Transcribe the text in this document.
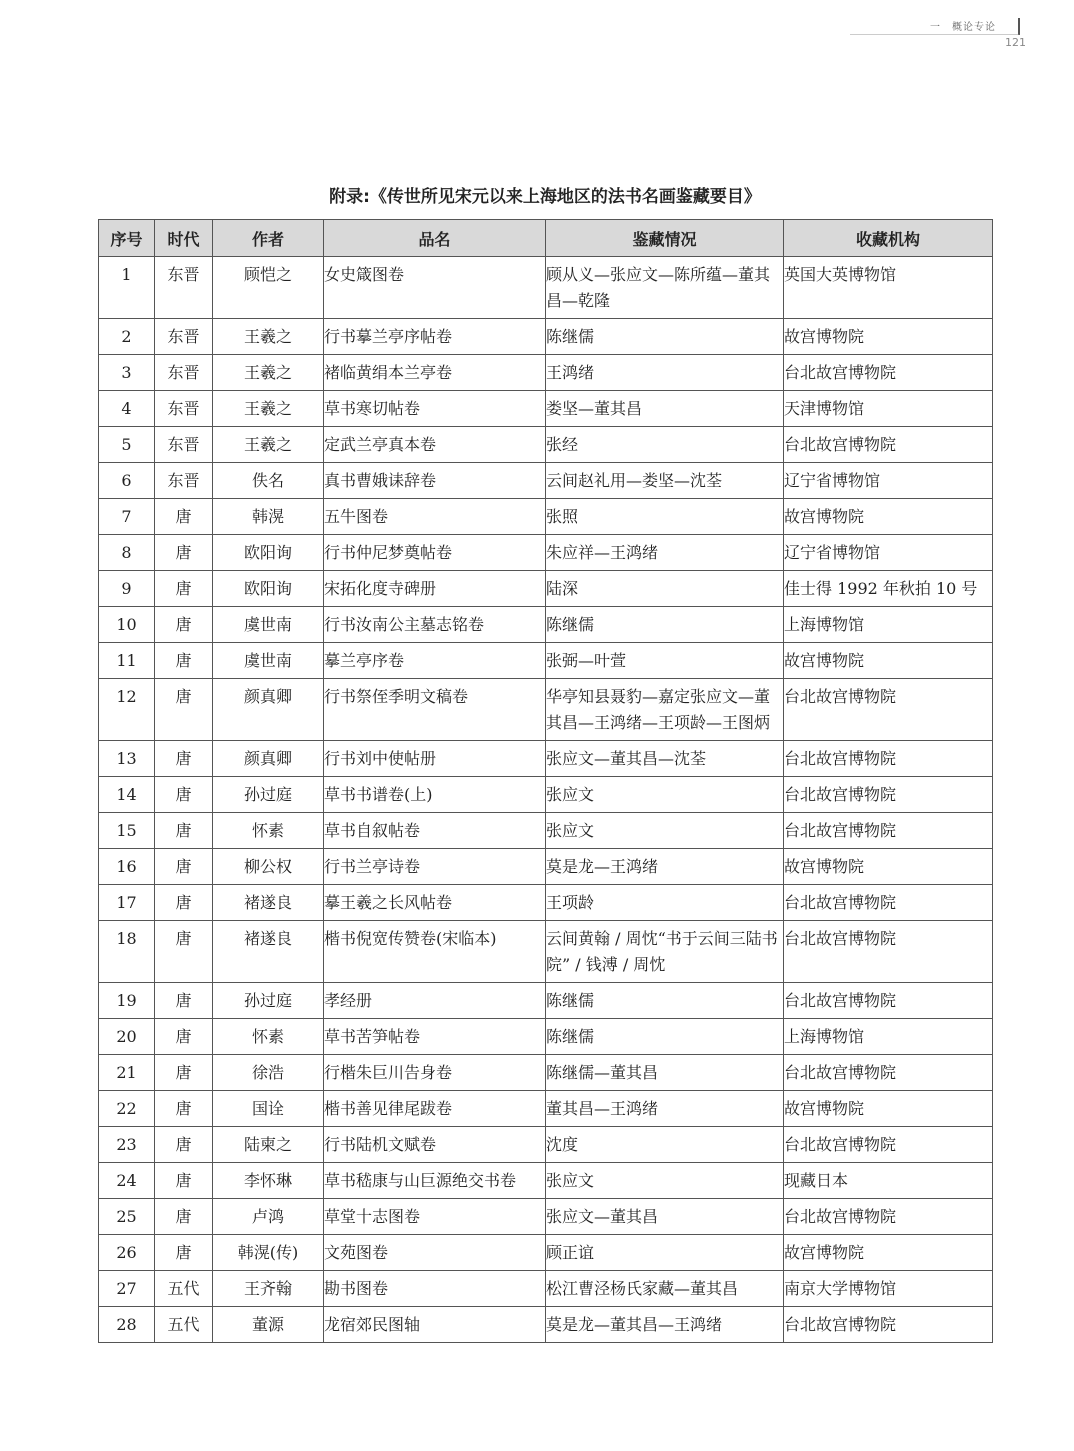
一　概论专论
121
附录:《传世所见宋元以来上海地区的法书名画鉴藏要目》
序号	时代	作者	品名	鉴藏情况	收藏机构
1	东晋	顾恺之	女史箴图卷	顾从义—张应文—陈所蕴—董其昌—乾隆	英国大英博物馆
2	东晋	王羲之	行书摹兰亭序帖卷	陈继儒	故宫博物院
3	东晋	王羲之	褚临黄绢本兰亭卷	王鸿绪	台北故宫博物院
4	东晋	王羲之	草书寒切帖卷	娄坚—董其昌	天津博物馆
5	东晋	王羲之	定武兰亭真本卷	张经	台北故宫博物院
6	东晋	佚名	真书曹娥诔辞卷	云间赵礼用—娄坚—沈荃	辽宁省博物馆
7	唐	韩滉	五牛图卷	张照	故宫博物院
8	唐	欧阳询	行书仲尼梦奠帖卷	朱应祥—王鸿绪	辽宁省博物馆
9	唐	欧阳询	宋拓化度寺碑册	陆深	佳士得 1992 年秋拍 10 号
10	唐	虞世南	行书汝南公主墓志铭卷	陈继儒	上海博物馆
11	唐	虞世南	摹兰亭序卷	张弼—叶萱	故宫博物院
12	唐	颜真卿	行书祭侄季明文稿卷	华亭知县聂豹—嘉定张应文—董其昌—王鸿绪—王项龄—王图炳	台北故宫博物院
13	唐	颜真卿	行书刘中使帖册	张应文—董其昌—沈荃	台北故宫博物院
14	唐	孙过庭	草书书谱卷(上)	张应文	台北故宫博物院
15	唐	怀素	草书自叙帖卷	张应文	台北故宫博物院
16	唐	柳公权	行书兰亭诗卷	莫是龙—王鸿绪	故宫博物院
17	唐	褚遂良	摹王羲之长风帖卷	王项龄	台北故宫博物院
18	唐	褚遂良	楷书倪宽传赞卷(宋临本)	云间黄翰 / 周忱“书于云间三陆书院” / 钱溥 / 周忱	台北故宫博物院
19	唐	孙过庭	孝经册	陈继儒	台北故宫博物院
20	唐	怀素	草书苦笋帖卷	陈继儒	上海博物馆
21	唐	徐浩	行楷朱巨川告身卷	陈继儒—董其昌	台北故宫博物院
22	唐	国诠	楷书善见律尾跋卷	董其昌—王鸿绪	故宫博物院
23	唐	陆柬之	行书陆机文赋卷	沈度	台北故宫博物院
24	唐	李怀琳	草书嵇康与山巨源绝交书卷	张应文	现藏日本
25	唐	卢鸿	草堂十志图卷	张应文—董其昌	台北故宫博物院
26	唐	韩滉(传)	文苑图卷	顾正谊	故宫博物院
27	五代	王齐翰	勘书图卷	松江曹泾杨氏家藏—董其昌	南京大学博物馆
28	五代	董源	龙宿郊民图轴	莫是龙—董其昌—王鸿绪	台北故宫博物院
